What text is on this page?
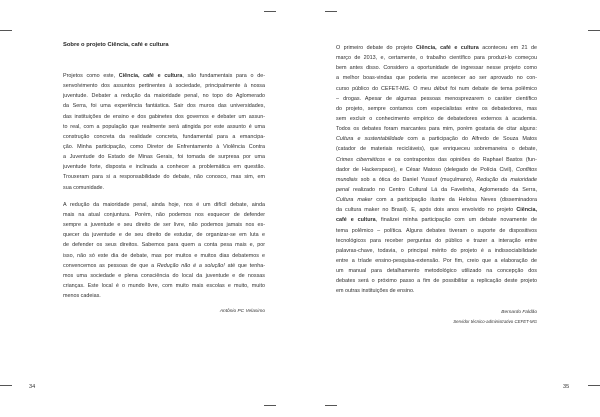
Sobre o projeto Ciência, café e cultura
Projetos como este, Ciência, café e cultura, são fundamentais para o de-
senvolvimento dos assuntos pertinentes à sociedade, principalmente à nossa
juventude. Debater a redução da maioridade penal, no topo do Aglomerado
da Serra, foi uma experiência fantástica. Sair dos muros das universidades,
das instituições de ensino e dos gabinetes dos governos e debater um assun-
to real, com a população que realmente será atingida por este assunto é uma
construção concreta da realidade concreta, fundamental para a emancipa-
ção. Minha participação, como Diretor de Enfrentamento à Violência Contra
a Juventude do Estado de Minas Gerais, foi tomada de surpresa por uma
juventude forte, disposta e inclinada a conhecer a problemática em questão.
Trouxeram para si a responsabilidade do debate, não conosco, mas sim, em
sua comunidade.
A redução da maioridade penal, ainda hoje, nos é um difícil debate, ainda
mais na atual conjuntura. Porém, não podemos nos esquecer de defender
sempre a juventude e seu direito de ser livre, não podemos jamais nos es-
quecer da juventude e de seu direito de estudar, de organizar-se em luta e
de defender os seus direitos. Sabemos para quem a conta pesa mais e, por
isso, não só este dia de debate, mas por muitos e muitos dias debatemos e
convencemos as pessoas de que a Redução não é a solução! até que tenha-
mos uma sociedade e plena consciência do local da juventude e de nossas
crianças. Este local é o mundo livre, com muito mais escolas e muito, muito
menos cadeias.
Antônio PC Velasimo
34
O primeiro debate do projeto Ciência, café e cultura aconteceu em 21 de
março de 2013, e, certamente, o trabalho científico para produzi-lo começou
bem antes disso. Considero a oportunidade de ingressar nesse projeto como
a melhor boas-vindas que poderia me acontecer ao ser aprovado no con-
curso público do CEFET-MG. O meu début foi num debate de tema polêmico
– drogas. Apesar de algumas pessoas menosprezarem o caráter científico
do projeto, sempre contamos com especialistas entre os debatedores, mas
sem excluir o conhecimento empírico de debatedores externos à academia.
Todos os debates foram marcantes para mim, porém gostaria de citar alguns:
Cultura e sustentabilidade com a participação do Alfredo de Souza Matos
(catador de materiais recicláveis), que enriqueceu sobremaneira o debate,
Crimes cibernéticos e os contrapontos das opiniões do Raphael Bastos (fun-
dador de Hackerspace), e César Matoso (delegado de Polícia Civil), Conflitos
mundiais sob a ótica do Daniel Yussuf (muçulmano), Redução da maioridade
penal realizado no Centro Cultural Lá da Favelinha, Aglomerado da Serra,
Cultura maker com a participação ilustre da Heloísa Neves (disseminadora
da cultura maker no Brasil). E, após dois anos envolvido no projeto Ciência,
café e cultura, finalizei minha participação com um debate novamente de
tema polêmico – política. Alguns debates tiveram o suporte de dispositivos
tecnológicos para receber perguntas do público e trazer a interação entre
palavras-chave, todavia, o principal mérito do projeto é a indissociabilidade
entre a tríade ensino-pesquisa-extensão. Por fim, creio que a elaboração de
um manual para detalhamento metodológico utilizado na concepção dos
debates será o próximo passo a fim de possibilitar a replicação deste projeto
em outras instituições de ensino.
Bernardo Faldão
Servidor técnico-administrativo CEFET-MG
35
